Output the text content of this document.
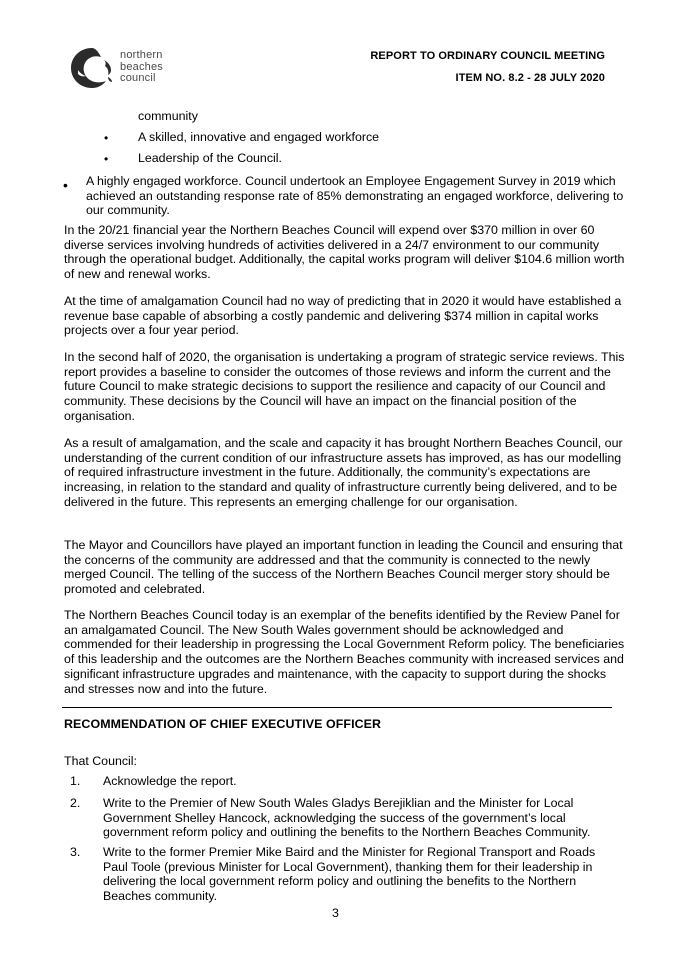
northern
beaches
council
REPORT TO ORDINARY COUNCIL MEETING
ITEM NO. 8.2 - 28 JULY 2020
community
• A skilled, innovative and engaged workforce
• Leadership of the Council.
• A highly engaged workforce. Council undertook an Employee Engagement Survey in 2019 which achieved an outstanding response rate of 85% demonstrating an engaged workforce, delivering to our community.

In the 20/21 financial year the Northern Beaches Council will expend over $370 million in over 60 diverse services involving hundreds of activities delivered in a 24/7 environment to our community through the operational budget. Additionally, the capital works program will deliver $104.6 million worth of new and renewal works.

At the time of amalgamation Council had no way of predicting that in 2020 it would have established a revenue base capable of absorbing a costly pandemic and delivering $374 million in capital works projects over a four year period.

In the second half of 2020, the organisation is undertaking a program of strategic service reviews. This report provides a baseline to consider the outcomes of those reviews and inform the current and the future Council to make strategic decisions to support the resilience and capacity of our Council and community. These decisions by the Council will have an impact on the financial position of the organisation.

As a result of amalgamation, and the scale and capacity it has brought Northern Beaches Council, our understanding of the current condition of our infrastructure assets has improved, as has our modelling of required infrastructure investment in the future. Additionally, the community’s expectations are increasing, in relation to the standard and quality of infrastructure currently being delivered, and to be delivered in the future. This represents an emerging challenge for our organisation.

The Mayor and Councillors have played an important function in leading the Council and ensuring that the concerns of the community are addressed and that the community is connected to the newly merged Council. The telling of the success of the Northern Beaches Council merger story should be promoted and celebrated.

The Northern Beaches Council today is an exemplar of the benefits identified by the Review Panel for an amalgamated Council. The New South Wales government should be acknowledged and commended for their leadership in progressing the Local Government Reform policy. The beneficiaries of this leadership and the outcomes are the Northern Beaches community with increased services and significant infrastructure upgrades and maintenance, with the capacity to support during the shocks and stresses now and into the future.

RECOMMENDATION OF CHIEF EXECUTIVE OFFICER
That Council:
1. Acknowledge the report.
2. Write to the Premier of New South Wales Gladys Berejiklian and the Minister for Local Government Shelley Hancock, acknowledging the success of the government’s local government reform policy and outlining the benefits to the Northern Beaches Community.
3. Write to the former Premier Mike Baird and the Minister for Regional Transport and Roads Paul Toole (previous Minister for Local Government), thanking them for their leadership in delivering the local government reform policy and outlining the benefits to the Northern Beaches community.
3
